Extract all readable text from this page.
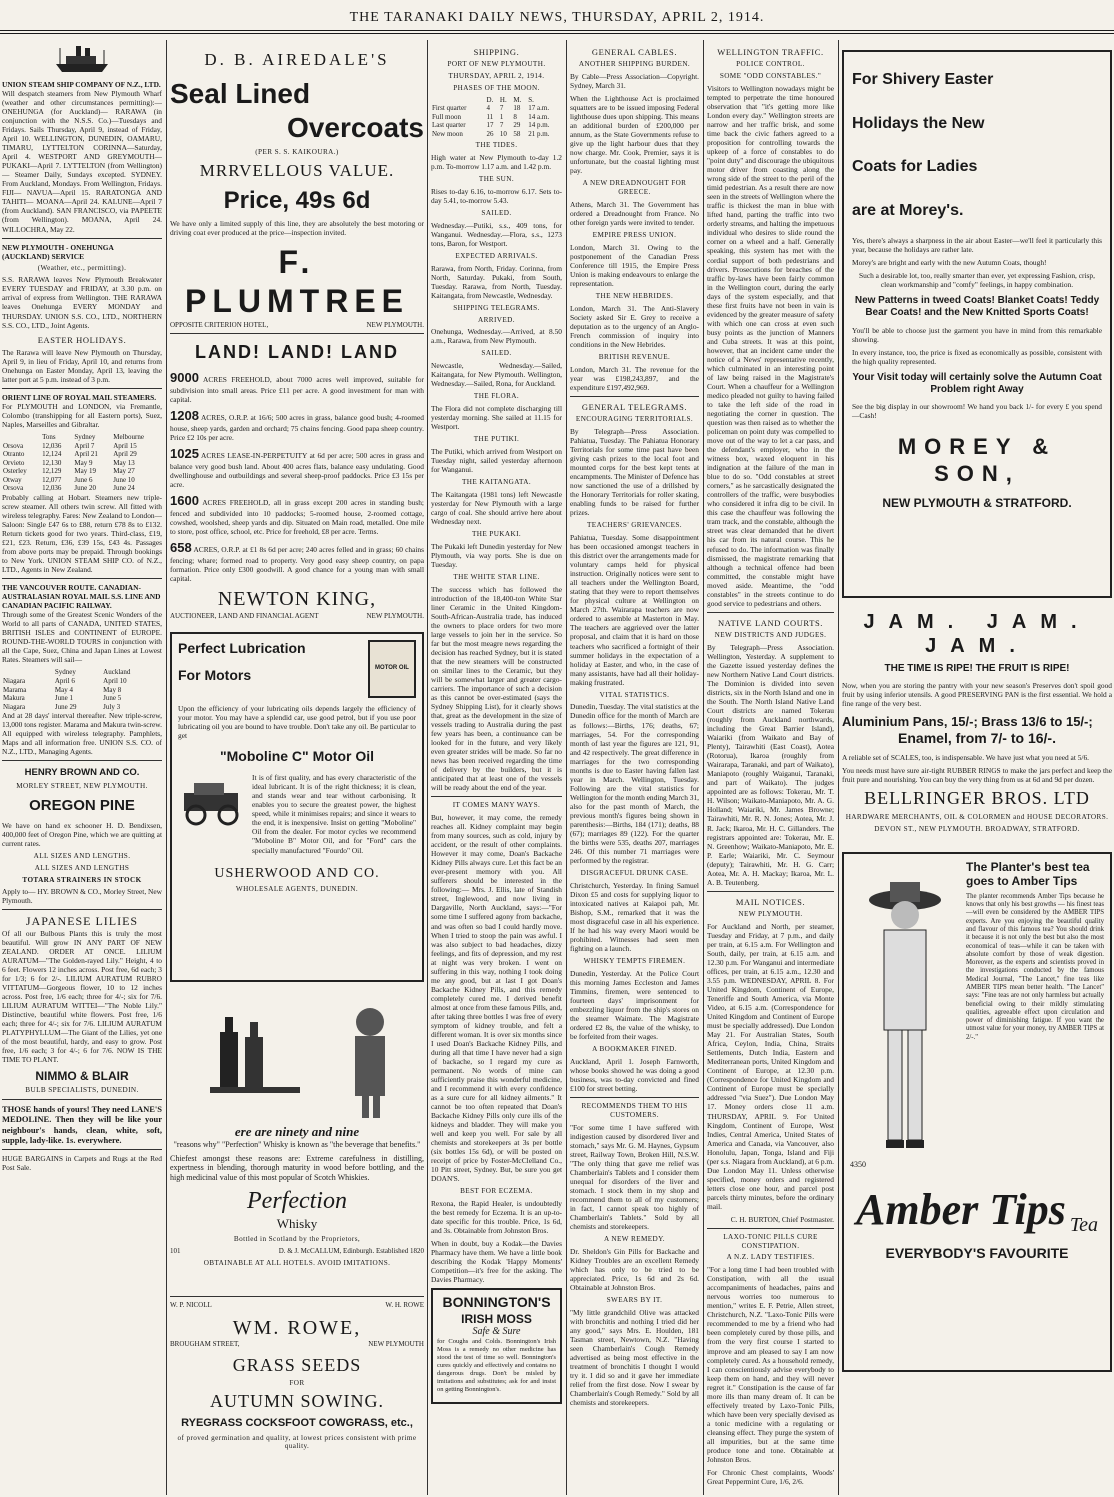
THE TARANAKI DAILY NEWS, THURSDAY, APRIL 2, 1914.
UNION STEAM SHIP COMPANY OF N.Z., LTD.

Will despatch steamers from New Plymouth Wharf (weather and other circumstances permitting):— ONEHUNGA (for Auckland)— RARAWA (in conjunction with the N.S.S. Co.)—Tuesdays and Fridays. Sails Thursday, April 9, instead of Friday, April 10. WELLINGTON, DUNEDIN, OAMARU, TIMARU, LYTTELTON CORINNA—Saturday, April 4. WESTPORT AND GREYMOUTH— PUKAKI—April 7. LYTTELTON (from Wellington)— Steamer Daily, Sundays excepted. SYDNEY. From Auckland, Mondays. From Wellington, Fridays. FIJI— NAVUA—April 15. RARATONGA AND TAHITI— MOANA—April 24. KALUNE—April 7 (from Auckland). SAN FRANCISCO, via PAPEETE (from Wellington). MOANA, April 24. WILLOCHRA, May 22.

NEW PLYMOUTH - ONEHUNGA (AUCKLAND) SERVICE
(Weather, etc., permitting).

S.S. RARAWA leaves New Plymouth Breakwater EVERY TUESDAY and FRIDAY, at 3.30 p.m. on arrival of express from Wellington. THE RARAWA leaves Onehunga EVERY MONDAY and THURSDAY. UNION S.S. CO., LTD., NORTHERN S.S. CO., LTD., Joint Agents.

EASTER HOLIDAYS.

The Rarawa will leave New Plymouth on Thursday, April 9, in lieu of Friday, April 10, and returns from Onehunga on Easter Monday, April 13, leaving the latter port at 5 p.m. instead of 3 p.m.

ORIENT LINE OF ROYAL MAIL STEAMERS.

For PLYMOUTH and LONDON, via Fremantle, Colombo (transhipping for all Eastern ports), Suez, Naples, Marseilles and Gibraltar.

	Tons	Sydney	Melbourne
Orsova	12,036	April 7	April 15
Otranto	12,124	April 21	April 29
Orvieto	12,130	May 9	May 13
Osterley	12,129	May 19	May 27
Otway	12,077	June 6	June 10
Orsova	12,036	June 20	June 24

Probably calling at Hobart. Steamers new triple-screw steamer. All others twin screw. All fitted with wireless telegraphy. Fares: New Zealand to London—Saloon: Single £47 6s to £88, return £78 8s to £132. Return tickets good for two years. Third-class, £19, £21, £23. Return, £36, £39 15s, £43 4s. Passages from above ports may be prepaid. Through bookings to New York. UNION STEAM SHIP CO. of N.Z., LTD., Agents in New Zealand.

THE VANCOUVER ROUTE. CANADIAN-AUSTRALASIAN ROYAL MAIL S.S. LINE AND CANADIAN PACIFIC RAILWAY.

Through some of the Greatest Scenic Wonders of the World to all parts of CANADA, UNITED STATES, BRITISH ISLES and CONTINENT of EUROPE. ROUND-THE-WORLD TOURS in conjunction with all the Cape, Suez, China and Japan Lines at Lowest Rates. Steamers will sail—

	Sydney	Auckland
Niagara	April 6	April 10
Marama	May 4	May 8
Makura	June 1	June 5
Niagara	June 29	July 3

And at 28 days' interval thereafter. New triple-screw, 13,000 tons register. Marama and Makura twin-screw. All equipped with wireless telegraphy. Pamphlets, Maps and all information free. UNION S.S. CO. of N.Z., LTD., Managing Agents.

HENRY BROWN AND CO.
MORLEY STREET, NEW PLYMOUTH.
OREGON PINE

We have on hand ex schooner H. D. Bendixsen, 400,000 feet of Oregon Pine, which we are quitting at current rates.

ALL SIZES AND LENGTHS.
ALL SIZES AND LENGTHS
TOTARA STRAINERS IN STOCK

Apply to— HY. BROWN & CO., Morley Street, New Plymouth.

JAPANESE LILIES

Of all our Bulbous Plants this is truly the most beautiful. Will grow IN ANY PART OF NEW ZEALAND. ORDER AT ONCE. LILIUM AURATUM—"The Golden-rayed Lily." Height, 4 to 6 feet. Flowers 12 inches across. Post free, 6d each; 3 for 1/3; 6 for 2/-. LILIUM AURATUM RUBRO VITTATUM—Gorgeous flower, 10 to 12 inches across. Post free, 1/6 each; three for 4/-; six for 7/6. LILIUM AURATUM WITTEI—"The Noble Lily." Distinctive, beautiful white flowers. Post free, 1/6 each; three for 4/-; six for 7/6. LILIUM AURATUM PLATYPHYLLUM—The Giant of the Lilies, yet one of the most beautiful, hardy, and easy to grow. Post free, 1/6 each; 3 for 4/-; 6 for 7/6. NOW IS THE TIME TO PLANT.

NIMMO & BLAIR
BULB SPECIALISTS, DUNEDIN.

THOSE hands of yours! They need LANE'S MEDOLINE. Then they will be like your neighbour's hands, clean, white, soft, supple, lady-like. 1s. everywhere.

HUGE BARGAINS in Carpets and Rugs at the Red Post Sale.

D. B. AIREDALE'S
Seal Lined
Overcoats
(PER S. S. KAIKOURA.)
MRRVELLOUS VALUE.
Price, 49s 6d

We have only a limited supply of this line, they are absolutely the best motoring or driving coat ever produced at the price—inspection invited.

F. PLUMTREE
OPPOSITE CRITERION HOTEL,	NEW PLYMOUTH.
LAND! LAND! LAND

9000 ACRES FREEHOLD, about 7000 acres well improved, suitable for subdivision into small areas. Price £11 per acre. A good investment for man with capital.

1208 ACRES, O.R.P. at 16/6; 500 acres in grass, balance good bush; 4-roomed house, sheep yards, garden and orchard; 75 chains fencing. Good papa sheep country. Price £2 10s per acre.

1025 ACRES LEASE-IN-PERPETUITY at 6d per acre; 500 acres in grass and balance very good bush land. About 400 acres flats, balance easy undulating. Good dwellinghouse and outbuildings and several sheep-proof paddocks. Price £3 15s per acre.

1600 ACRES FREEHOLD, all in grass except 200 acres in standing bush; fenced and subdivided into 10 paddocks; 5-roomed house, 2-roomed cottage, cowshed, woolshed, sheep yards and dip. Situated on Main road, metalled. One mile to store, post office, school, etc. Price for freehold, £8 per acre. Terms.

658 ACRES, O.R.P. at £1 8s 6d per acre; 240 acres felled and in grass; 60 chains fencing; whare; formed road to property. Very good easy sheep country, on papa formation. Price only £300 goodwill. A good chance for a young man with small capital.

NEWTON KING,
AUCTIONEER, LAND AND FINANCIAL AGENT	NEW PLYMOUTH.
Perfect Lubrication
For Motors	MOTOR OIL

Upon the efficiency of your lubricating oils depends largely the efficiency of your motor. You may have a splendid car, use good petrol, but if you use poor lubricating oil you are bound to have trouble. Don't take any oil. Be particular to get

"Moboline C" Motor Oil

It is of first quality, and has every characteristic of the ideal lubricant. It is of the right thickness; it is clean, and stands wear and tear without carbonising. It enables you to secure the greatest power, the highest speed, while it minimises repairs; and since it wears to the end, it is inexpensive. Insist on getting "Moboline" Oil from the dealer. For motor cycles we recommend "Moboline B" Motor Oil, and for "Ford" cars the specially manufactured "Fourdo" Oil.

USHERWOOD AND CO.
WHOLESALE AGENTS, DUNEDIN.
ere are ninety and nine
"reasons why" "Perfection" Whisky is known as "the beverage that benefits."

Chiefest amongst these reasons are: Extreme carefulness in distilling, expertness in blending, thorough maturity in wood before bottling, and the high medicinal value of this most popular of Scotch Whiskies.

Perfection
Whisky
Bottled in Scotland by the Proprietors,
101	D. & J. McCALLUM, Edinburgh. Established 1820
OBTAINABLE AT ALL HOTELS. AVOID IMITATIONS.
W. P. NICOLL	W. H. ROWE
WM. ROWE,
BROUGHAM STREET,	NEW PLYMOUTH
GRASS SEEDS
FOR
AUTUMN SOWING.
RYEGRASS COCKSFOOT COWGRASS, etc.,
of proved germination and quality, at lowest prices consistent with prime quality.
SHIPPING.
PORT OF NEW PLYMOUTH.
THURSDAY, APRIL 2, 1914.
PHASES OF THE MOON.
	D.	H.	M.	S.
First quarter	4	7	18	17 a.m.
Full moon	11	1	8	14 a.m.
Last quarter	17	7	29	14 p.m.
New moon	26	10	58	21 p.m.
THE TIDES.

High water at New Plymouth to-day 1.2 p.m. To-morrow 1.17 a.m. and 1.42 p.m.

THE SUN.

Rises to-day 6.16, to-morrow 6.17. Sets to-day 5.41, to-morrow 5.43.

SAILED.

Wednesday.—Putiki, s.s., 409 tons, for Wanganui. Wednesday.—Flora, s.s., 1273 tons, Baron, for Westport.

EXPECTED ARRIVALS.

Rarawa, from North, Friday. Corinna, from North, Saturday. Pukaki, from South, Tuesday. Rarawa, from North, Tuesday. Kaitangata, from Newcastle, Wednesday.

SHIPPING TELEGRAMS.
ARRIVED.

Onehunga, Wednesday.—Arrived, at 8.50 a.m., Rarawa, from New Plymouth.

SAILED.

Newcastle, Wednesday.—Sailed, Kaitangata, for New Plymouth. Wellington, Wednesday.—Sailed, Rona, for Auckland.

THE FLORA.

The Flora did not complete discharging till yesterday morning. She sailed at 11.15 for Westport.

THE PUTIKI.

The Putiki, which arrived from Westport on Tuesday night, sailed yesterday afternoon for Wanganui.

THE KAITANGATA.

The Kaitangata (1981 tons) left Newcastle yesterday for New Plymouth with a large cargo of coal. She should arrive here about Wednesday next.

THE PUKAKI.

The Pukaki left Dunedin yesterday for New Plymouth, via way ports. She is due on Tuesday.

THE WHITE STAR LINE.

The success which has followed the introduction of the 18,400-ton White Star liner Ceramic in the United Kingdom-South-African-Australia trade, has induced the owners to place orders for two more large vessels to join her in the service. So far but the most meagre news regarding the decision has reached Sydney, but it is stated that the new steamers will be constructed on similar lines to the Ceramic, but they will be somewhat larger and greater cargo-carriers. The importance of such a decision as this cannot be over-estimated (says the Sydney Shipping List), for it clearly shows that, great as the development in the size of vessels trading to Australia during the past few years has been, a continuance can be looked for in the future, and very likely even greater strides will be made. So far no news has been received regarding the time of delivery by the builders, but it is anticipated that at least one of the vessels will be ready about the end of the year.

IT COMES MANY WAYS.

But, however, it may come, the remedy reaches all. Kidney complaint may begin from many sources, such as cold, injury by accident, or the result of other complaints. However it may come, Doan's Backache Kidney Pills always cure. Let this fact be an ever-present memory with you. All sufferers should be interested in the following:— Mrs. J. Ellis, late of Standish street, Inglewood, and now living in Dargaville, North Auckland, says:—"For some time I suffered agony from backache, and was often so bad I could hardly move. When I tried to stoop the pain was awful. I was also subject to bad headaches, dizzy feelings, and fits of depression, and my rest at night was very broken. I went on suffering in this way, nothing I took doing me any good, but at last I got Doan's Backache Kidney Pills, and this remedy completely cured me. I derived benefit almost at once from these famous Pills, and, after taking three bottles I was free of every symptom of kidney trouble, and felt a different woman. It is over six months since I used Doan's Backache Kidney Pills, and during all that time I have never had a sign of backache, so I regard my cure as permanent. No words of mine can sufficiently praise this wonderful medicine, and I recommend it with every confidence as a sure cure for all kidney ailments." It cannot be too often repeated that Doan's Backache Kidney Pills only cure ills of the kidneys and bladder. They will make you well and keep you well. For sale by all chemists and storekeepers at 3s per bottle (six bottles 15s 6d), or will be posted on receipt of price by Foster-McClelland Co., 10 Pitt street, Sydney. But, be sure you get DOAN'S.

BEST FOR ECZEMA.

Rexona, the Rapid Healer, is undoubtedly the best remedy for Eczema. It is an up-to-date specific for this trouble. Price, 1s 6d, and 3s. Obtainable from Johnston Bros.

When in doubt, buy a Kodak—the Davies Pharmacy have them. We have a little book describing the Kodak 'Happy Moments' Competition—it's free for the asking. The Davies Pharmacy.

BONNINGTON'S
IRISH MOSS
Safe & Sure

for Coughs and Colds. Bonnington's Irish Moss is a remedy no other medicine has stood the test of time so well. Bonnington's cures quickly and effectively and contains no dangerous drugs. Don't be misled by imitations and substitutes; ask for and insist on getting Bonnington's.

GENERAL CABLES.
ANOTHER SHIPPING BURDEN.

By Cable—Press Association—Copyright. Sydney, March 31.

When the Lighthouse Act is proclaimed squatters are to be issued imposing Federal lighthouse dues upon shipping. This means an additional burden of £200,000 per annum, as the State Governments refuse to give up the light harbour dues that they now charge. Mr. Cook, Premier, says it is unfortunate, but the coastal lighting must pay.

A NEW DREADNOUGHT FOR GREECE.

Athens, March 31. The Government has ordered a Dreadnought from France. No other foreign yards were invited to tender.

EMPIRE PRESS UNION.

London, March 31. Owing to the postponement of the Canadian Press Conference till 1915, the Empire Press Union is making endeavours to enlarge the representation.

THE NEW HEBRIDES.

London, March 31. The Anti-Slavery Society asked Sir E. Grey to receive a deputation as to the urgency of an Anglo-French commission of inquiry into conditions in the New Hebrides.

BRITISH REVENUE.

London, March 31. The revenue for the year was £198,243,897, and the expenditure £197,492,969.

GENERAL TELEGRAMS.
ENCOURAGING TERRITORIALS.

By Telegraph—Press Association. Pahiatua, Tuesday. The Pahiatua Honorary Territorials for some time past have been giving cash prizes to the local foot and mounted corps for the best kept tents at encampments. The Minister of Defence has now sanctioned the use of a drillshed by the Honorary Territorials for roller skating, enabling funds to be raised for further prizes.

TEACHERS' GRIEVANCES.

Pahiatua, Tuesday. Some disappointment has been occasioned amongst teachers in this district over the arrangements made for voluntary camps held for physical instruction. Originally notices were sent to all teachers under the Wellington Board, stating that they were to report themselves for physical culture at Wellington on March 27th. Wairarapa teachers are now ordered to assemble at Masterton in May. The teachers are aggrieved over the latter proposal, and claim that it is hard on those teachers who sacrificed a fortnight of their summer holidays in the expectation of a holiday at Easter, and who, in the case of many assistants, have had all their holiday-making frustrated.

VITAL STATISTICS.

Dunedin, Tuesday. The vital statistics at the Dunedin office for the month of March are as follows:—Births, 176; deaths, 67; marriages, 54. For the corresponding month of last year the figures are 121, 91, and 42 respectively. The great difference in marriages for the two corresponding months is due to Easter having fallen last year in March. Wellington, Tuesday. Following are the vital statistics for Wellington for the month ending March 31, also for the past month of March, the previous month's figures being shown in parenthesis:—Births, 184 (171); deaths, 88 (67); marriages 89 (122). For the quarter the births were 535, deaths 207, marriages 246. Of this number 71 marriages were performed by the registrar.

DISGRACEFUL DRUNK CASE.

Christchurch, Yesterday. In fining Samuel Dixon £5 and costs for supplying liquor to intoxicated natives at Kaiapoi pah, Mr. Bishop, S.M., remarked that it was the most disgraceful case in all his experience. If he had his way every Maori would be prohibited. Witnesses had seen men fighting on a launch.

WHISKY TEMPTS FIREMEN.

Dunedin, Yesterday. At the Police Court this morning James Eccleston and James Timmins, firemen, were sentenced to fourteen days' imprisonment for embezzling liquor from the ship's stores on the steamer Waimate. The Magistrate ordered £2 8s, the value of the whisky, to be forfeited from their wages.

A BOOKMAKER FINED.

Auckland, April 1. Joseph Farnworth, whose books showed he was doing a good business, was to-day convicted and fined £100 for street betting.

RECOMMENDS THEM TO HIS CUSTOMERS.

"For some time I have suffered with indigestion caused by disordered liver and stomach," says Mr. G. M. Haynes, Gypsum street, Railway Town, Broken Hill, N.S.W. "The only thing that gave me relief was Chamberlain's Tablets and I consider them unequal for disorders of the liver and stomach. I stock them in my shop and recommend them to all of my customers; in fact, I cannot speak too highly of Chamberlain's Tablets." Sold by all chemists and storekeepers.

A NEW REMEDY.

Dr. Sheldon's Gin Pills for Backache and Kidney Troubles are an excellent Remedy which has only to be tried to be appreciated. Price, 1s 6d and 2s 6d. Obtainable at Johnston Bros.

SWEARS BY IT.

"My little grandchild Olive was attacked with bronchitis and nothing I tried did her any good," says Mrs. E. Houlden, 181 Tasman street, Newtown, N.Z. "Having seen Chamberlain's Cough Remedy advertised as being most effective in the treatment of bronchitis I thought I would try it. I did so and it gave her immediate relief from the first dose. Now I swear by Chamberlain's Cough Remedy." Sold by all chemists and storekeepers.

WELLINGTON TRAFFIC.
POLICE CONTROL.
SOME "ODD CONSTABLES."

Visitors to Wellington nowadays might be tempted to perpetrate the time honoured observation that "it's getting more like London every day." Wellington streets are narrow and her traffic brisk, and some time back the civic fathers agreed to a proposition for controlling towards the upkeep of a force of constables to do "point duty" and discourage the ubiquitous motor driver from coasting along the wrong side of the street to the peril of the timid pedestrian. As a result there are now seen in the streets of Wellington where the traffic is thickest the man in blue with lifted hand, parting the traffic into two orderly streams, and halting the impetuous individual who desires to slide round the corner on a wheel and a half. Generally speaking, this system has met with the cordial support of both pedestrians and drivers. Prosecutions for breaches of the traffic by-laws have been fairly common in the Wellington court, during the early days of the system especially, and that these first fruits have not been in vain is evidenced by the greater measure of safety with which one can cross at even such busy points as the junction of Manners and Cuba streets. It was at this point, however, that an incident came under the notice of a News' representative recently, which culminated in an interesting point of law being raised in the Magistrate's Court. When a chauffeur for a Wellington medico pleaded not guilty to having failed to take the left side of the road in negotiating the corner in question. The question was then raised as to whether the policeman on point duty was compelled to move out of the way to let a car pass, and the defendant's employer, who in the witness box, waxed eloquent in his indignation at the failure of the man in blue to do so. "Odd constables at street corners," as he sarcastically designated the controllers of the traffic, were busybodies who considered it infra dig to be civil. In this case the chauffeur was following the tram track, and the constable, although the street was clear demanded that he divert his car from its natural course. This he refused to do. The information was finally dismissed, the magistrate remarking that although a technical offence had been committed, the constable might have moved aside. Meantime, the "odd constables" in the streets continue to do good service to pedestrians and others.

NATIVE LAND COURTS.
NEW DISTRICTS AND JUDGES.

By Telegraph—Press Association. Wellington, Yesterday. A supplement to the Gazette issued yesterday defines the new Northern Native Land Court districts. The Dominion is divided into seven districts, six in the North Island and one in the South. The North Island Native Land Court districts are named Tokerau (roughly from Auckland northwards, including the Great Barrier Island), Waiariki (from Waikato and Bay of Plenty), Tairawhiti (East Coast), Aotea (Rotorua), Ikaroa (roughly from Wairarapa, Taranaki, and part of Waikato), Maniapoto (roughly Waiganui, Taranaki, and part of Waikato). The judges appointed are as follows: Tokerau, Mr. T. H. Wilson; Waikato-Maniapoto, Mr. A. G. Holland; Waiariki, Mr. James Browne; Tairawhiti, Mr. R. N. Jones; Aotea, Mr. J. R. Jack; Ikaroa, Mr. H. C. Gillanders. The registrars appointed are: Tokerau, Mr. E. N. Greenhow; Waikato-Maniapoto, Mr. E. P. Earle; Waiariki, Mr. C. Seymour (deputy); Tairawhiti, Mr. H. G. Carr; Aotea, Mr. A. H. Mackay; Ikaroa, Mr. L. A. B. Teutenberg.

MAIL NOTICES.
NEW PLYMOUTH.

For Auckland and North, per steamer, Tuesday and Friday, at 7 p.m., and daily per train, at 6.15 a.m. For Wellington and South, daily, per train, at 6.15 a.m. and 12.30 p.m. For Wanganui and intermediate offices, per train, at 6.15 a.m., 12.30 and 3.55 p.m. WEDNESDAY, APRIL 8. For United Kingdom, Continent of Europe, Teneriffe and South America, via Monte Video, at 6.15 a.m. (Correspondence for United Kingdom and Continent of Europe must be specially addressed). Due London May 21. For Australian States, South Africa, Ceylon, India, China, Straits Settlements, Dutch India, Eastern and Mediterranean ports, United Kingdom and Continent of Europe, at 12.30 p.m. (Correspondence for United Kingdom and Continent of Europe must be specially addressed "via Suez"). Due London May 17. Money orders close 11 a.m. THURSDAY, APRIL 9. For United Kingdom, Continent of Europe, West Indies, Central America, United States of America and Canada, via Vancouver, also Honolulu, Japan, Tonga, Island and Fiji (per s.s. Niagara from Auckland), at 6 p.m. Due London May 11. Unless otherwise specified, money orders and registered letters close one hour, and parcel post parcels thirty minutes, before the ordinary mail.

C. H. BURTON, Chief Postmaster.

LAXO-TONIC PILLS CURE CONSTIPATION.
A N.Z. LADY TESTIFIES.

"For a long time I had been troubled with Constipation, with all the usual accompaniments of headaches, pains and nervous worries too numerous to mention," writes E. F. Petrie, Allen street, Christchurch, N.Z. "Laxo-Tonic Pills were recommended to me by a friend who had been completely cured by those pills, and from the very first course I started to improve and am pleased to say I am now completely cured. As a household remedy, I can conscientiously advise everybody to keep them on hand, and they will never regret it." Constipation is the cause of far more ills than many dream of. It can be effectively treated by Laxo-Tonic Pills, which have been very specially devised as a tonic medicine with a regulating or cleansing effect. They purge the system of all impurities, but at the same time produce tone and tone. Obtainable at Johnston Bros.

For Chronic Chest complaints, Woods' Great Peppermint Cure, 1/6, 2/6.

For Shivery Easter
Holidays the New
Coats for Ladies
are at Morey's.

Yes, there's always a sharpness in the air about Easter—we'll feel it particularly this year, because the holidays are rather late.

Morey's are bright and early with the new Autumn Coats, though!

Such a desirable lot, too, really smarter than ever, yet expressing Fashion, crisp, clean workmanship and "comfy" feelings, in happy combination.

New Patterns in tweed Coats! Blanket Coats! Teddy Bear Coats! and the New Knitted Sports Coats!

You'll be able to choose just the garment you have in mind from this remarkable showing.

In every instance, too, the price is fixed as economically as possible, consistent with the high quality represented.

Your Visit today will certainly solve the Autumn Coat Problem right Away

See the big display in our showroom! We hand you back 1/- for every £ you spend—Cash!

MOREY & SON,
NEW PLYMOUTH & STRATFORD.
JAM. JAM. JAM.
THE TIME IS RIPE! THE FRUIT IS RIPE!

Now, when you are storing the pantry with your new season's Preserves don't spoil good fruit by using inferior utensils. A good PRESERVING PAN is the first essential. We hold a fine range of the very best.

Aluminium Pans, 15/-; Brass 13/6 to 15/-;
Enamel, from 7/- to 16/-.

A reliable set of SCALES, too, is indispensable. We have just what you need at 5/6.

You needs must have sure air-tight RUBBER RINGS to make the jars perfect and keep the fruit pure and nourishing. You can buy the very thing from us at 6d and 9d per dozen.

BELLRINGER BROS. LTD
HARDWARE MERCHANTS, OIL & COLORMEN and HOUSE DECORATORS.
DEVON ST., NEW PLYMOUTH. BROADWAY, STRATFORD.
The Planter's best tea goes to Amber Tips

The planter recommends Amber Tips because he knows that only his best growths — his finest teas—will even be considered by the AMBER TIPS experts. Are you enjoying the beautiful quality and flavour of this famous tea? You should drink it because it is not only the best but also the most economical of teas—while it can be taken with absolute comfort by those of weak digestion. Moreover, as the experts and scientists proved in the investigations conducted by the famous Medical Journal, "The Lancet," fine teas like AMBER TIPS mean better health. "The Lancet" says: "Fine teas are not only harmless but actually beneficial owing to their mildly stimulating qualities, agreeable effect upon circulation and power of diminishing fatigue. If you want the utmost value for your money, try AMBER TIPS at 2/-."

4350
Amber Tips Tea
EVERYBODY'S FAVOURITE
